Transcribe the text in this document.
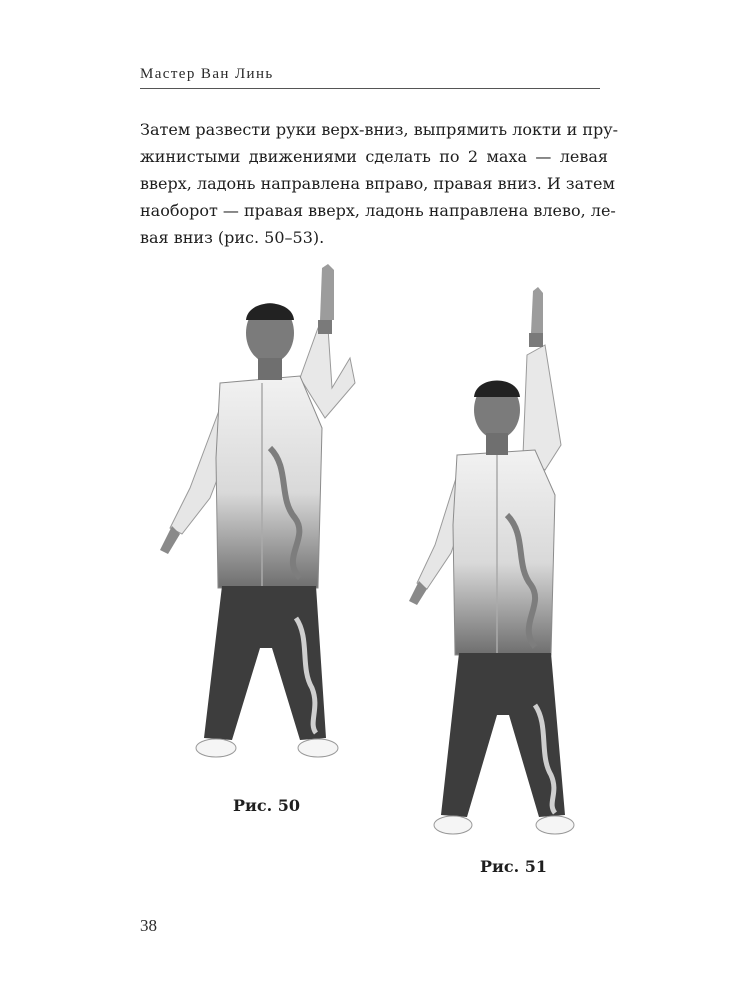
Мастер Ван Линь

Затем развести руки верх-вниз, выпрямить локти и пру-
жинистыми движениями сделать по 2 маха — левая
вверх, ладонь направлена вправо, правая вниз. И затем
наоборот — правая вверх, ладонь направлена влево, ле-
вая вниз (рис. 50–53).

Рис. 50
Рис. 51
38
